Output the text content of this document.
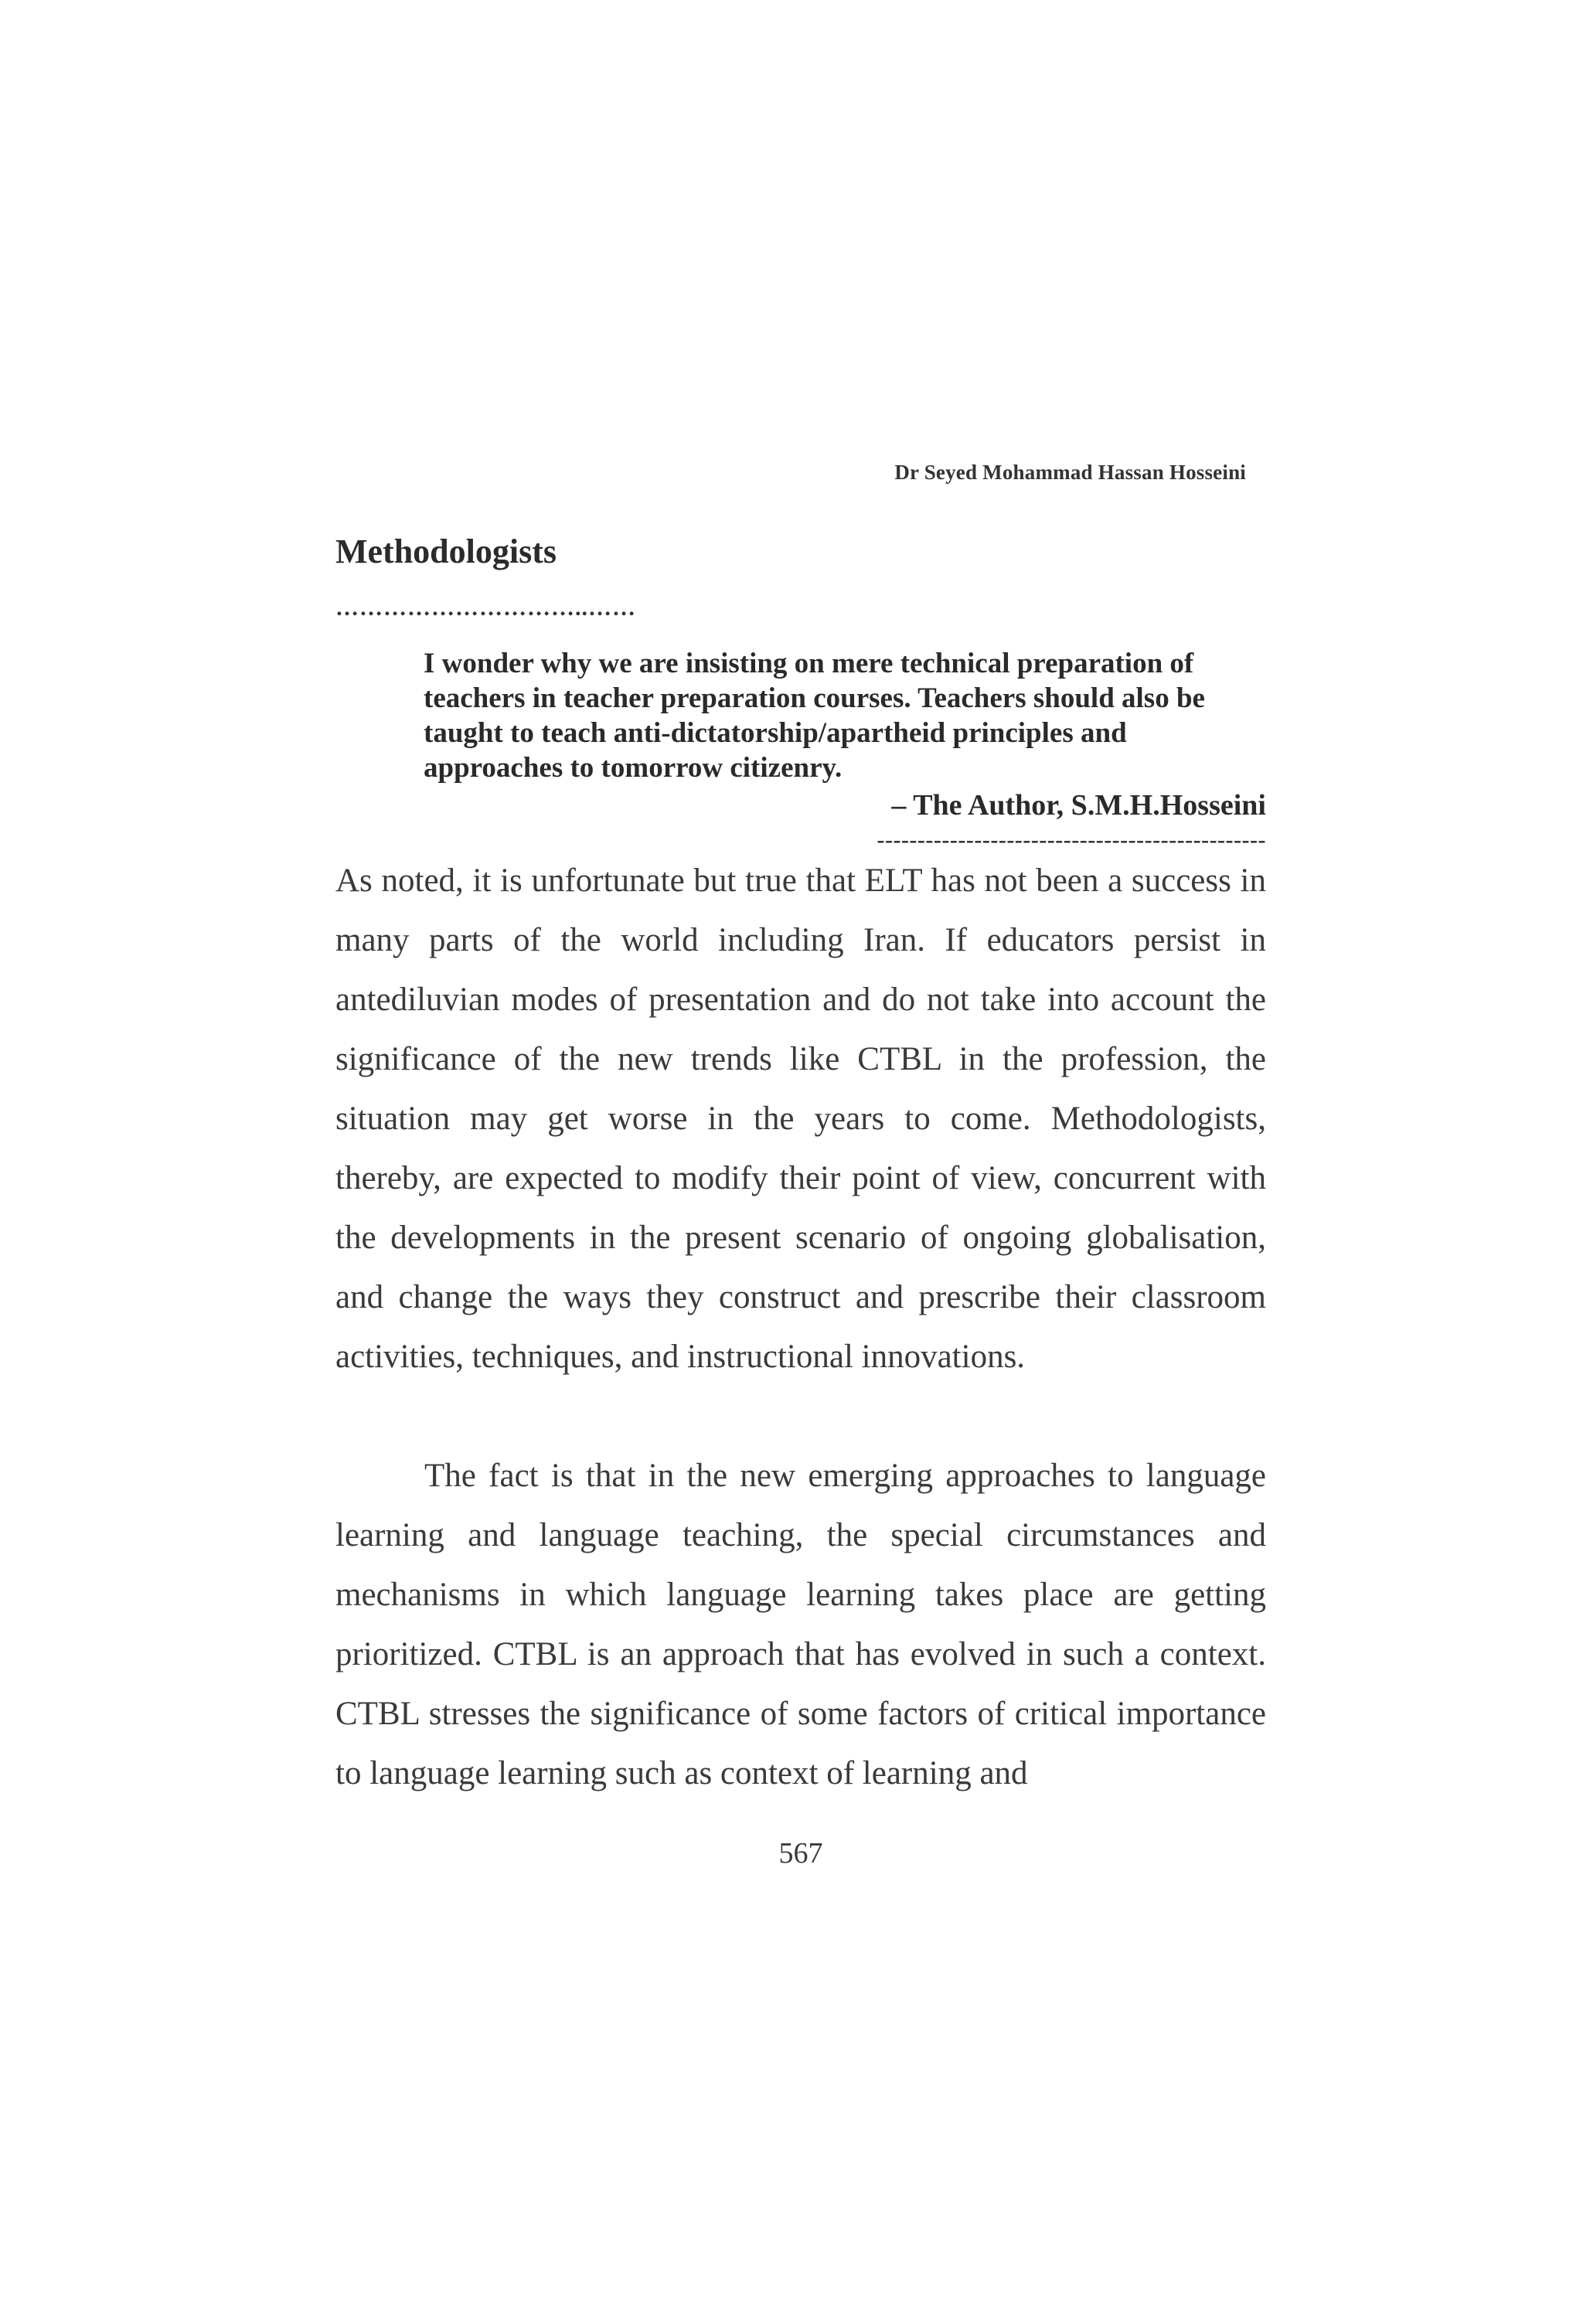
Dr Seyed Mohammad Hassan Hosseini
Methodologists
…………………………..……
I wonder why we are insisting on mere technical preparation of teachers in teacher preparation courses. Teachers should also be taught to teach anti-dictatorship/apartheid principles and approaches to tomorrow citizenry.
– The Author, S.M.H.Hosseini
------------------------------------------------

As noted, it is unfortunate but true that ELT has not been a success in many parts of the world including Iran. If educators persist in antediluvian modes of presentation and do not take into account the significance of the new trends like CTBL in the profession, the situation may get worse in the years to come. Methodologists, thereby, are expected to modify their point of view, concurrent with the developments in the present scenario of ongoing globalisation, and change the ways they construct and prescribe their classroom activities, techniques, and instructional innovations.

The fact is that in the new emerging approaches to language learning and language teaching, the special circumstances and mechanisms in which language learning takes place are getting prioritized. CTBL is an approach that has evolved in such a context. CTBL stresses the significance of some factors of critical importance to language learning such as context of learning and

567
